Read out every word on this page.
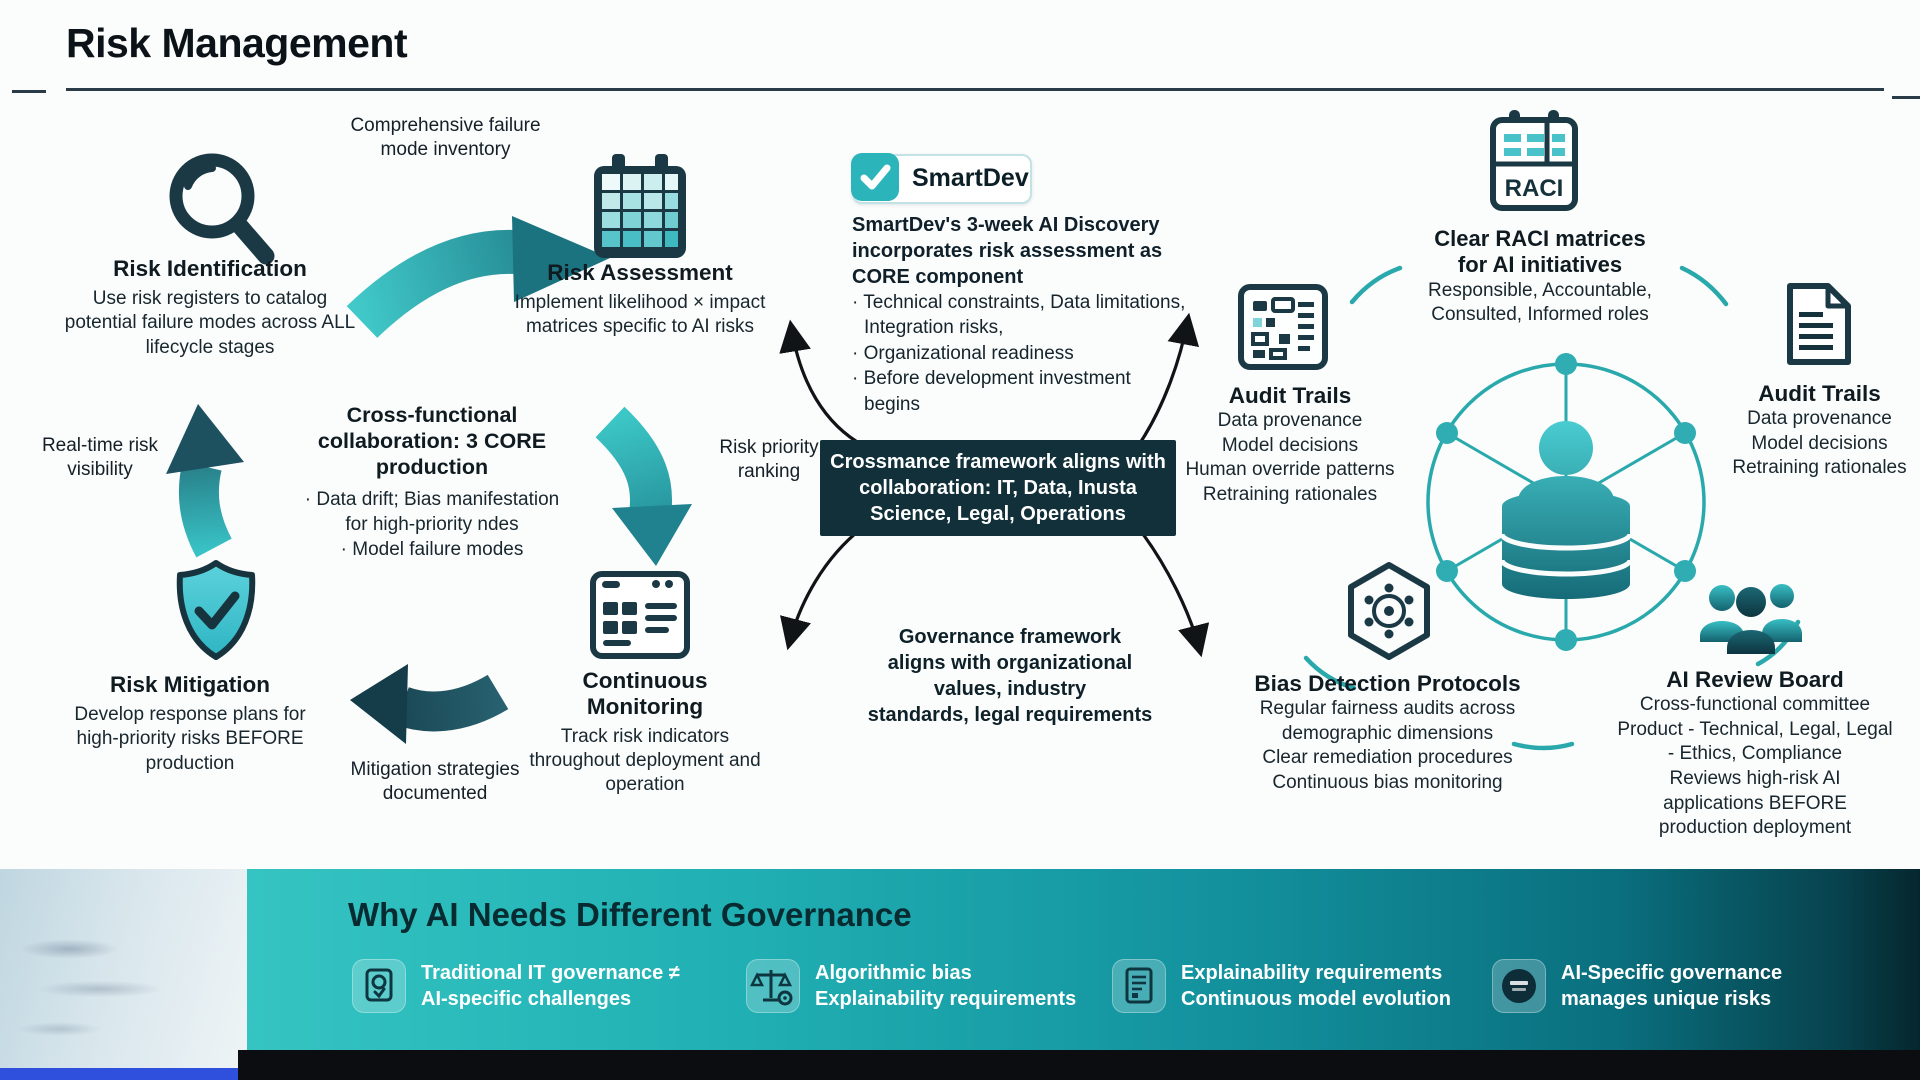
Risk Management
Risk Identification
Use risk registers to catalog potential failure modes across ALL lifecycle stages
Risk Assessment
Implement likelihood × impact matrices specific to AI risks
Continuous Monitoring
Track risk indicators throughout deployment and operation
Risk Mitigation
Develop response plans for high-priority risks BEFORE production
Comprehensive failure mode inventory
Risk priority ranking
Mitigation strategies documented
Real-time risk visibility
Cross-functional
collaboration: 3 CORE
production
· Data drift; Bias manifestation
for high-priority ndes
· Model failure modes
SmartDev
SmartDev's 3-week AI Discovery
incorporates risk assessment as
CORE component
· Technical constraints, Data limitations,
Integration risks,
· Organizational readiness
· Before development investment
begins
Crossmance framework aligns with
collaboration: IT, Data, Inusta
Science, Legal, Operations
Governance framework
aligns with organizational
values, industry
standards, legal requirements
RACI
Clear RACI matrices
for AI initiatives
Responsible, Accountable,
Consulted, Informed roles
Audit Trails
Data provenance
Model decisions
Human override patterns
Retraining rationales
Audit Trails
Data provenance
Model decisions
Retraining rationales
Bias Detection Protocols
Regular fairness audits across
demographic dimensions
Clear remediation procedures
Continuous bias monitoring
AI Review Board
Cross-functional committee
Product - Technical, Legal, Legal
- Ethics, Compliance
Reviews high-risk AI
applications BEFORE
production deployment
Why AI Needs Different Governance
Traditional IT governance ≠
AI-specific challenges
Algorithmic bias
Explainability requirements
Explainability requirements
Continuous model evolution
AI-Specific governance
manages unique risks
